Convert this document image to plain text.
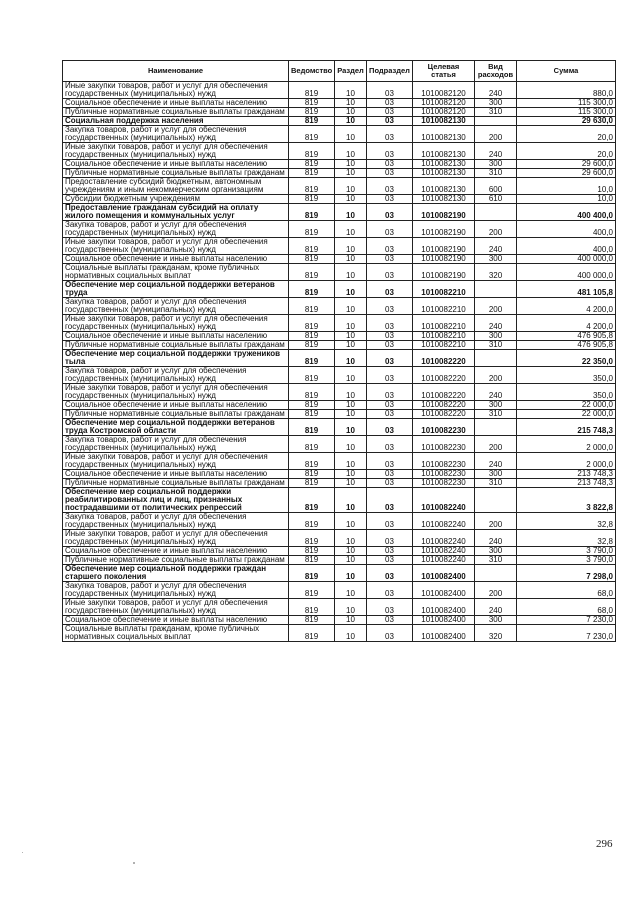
Наименование	Ведомство	Раздел	Подраздел	Целевая статья	Вид расходов	Сумма
Иные закупки товаров, работ и услуг для обеспечения государственных (муниципальных) нужд	819	10	03	1010082120	240	880,0
Социальное обеспечение и иные выплаты населению	819	10	03	1010082120	300	115 300,0
Публичные нормативные социальные выплаты гражданам	819	10	03	1010082120	310	115 300,0
Социальная поддержка населения	819	10	03	1010082130		29 630,0
Закупка товаров, работ и услуг для обеспечения государственных (муниципальных) нужд	819	10	03	1010082130	200	20,0
Иные закупки товаров, работ и услуг для обеспечения государственных (муниципальных) нужд	819	10	03	1010082130	240	20,0
Социальное обеспечение и иные выплаты населению	819	10	03	1010082130	300	29 600,0
Публичные нормативные социальные выплаты гражданам	819	10	03	1010082130	310	29 600,0
Предоставление субсидий бюджетным, автономным учреждениям и иным некоммерческим организациям	819	10	03	1010082130	600	10,0
Субсидии бюджетным учреждениям	819	10	03	1010082130	610	10,0
Предоставление гражданам субсидий на оплату жилого помещения и коммунальных услуг	819	10	03	1010082190		400 400,0
Закупка товаров, работ и услуг для обеспечения государственных (муниципальных) нужд	819	10	03	1010082190	200	400,0
Иные закупки товаров, работ и услуг для обеспечения государственных (муниципальных) нужд	819	10	03	1010082190	240	400,0
Социальное обеспечение и иные выплаты населению	819	10	03	1010082190	300	400 000,0
Социальные выплаты гражданам, кроме публичных нормативных социальных выплат	819	10	03	1010082190	320	400 000,0
Обеспечение мер социальной поддержки ветеранов труда	819	10	03	1010082210		481 105,8
Закупка товаров, работ и услуг для обеспечения государственных (муниципальных) нужд	819	10	03	1010082210	200	4 200,0
Иные закупки товаров, работ и услуг для обеспечения государственных (муниципальных) нужд	819	10	03	1010082210	240	4 200,0
Социальное обеспечение и иные выплаты населению	819	10	03	1010082210	300	476 905,8
Публичные нормативные социальные выплаты гражданам	819	10	03	1010082210	310	476 905,8
Обеспечение мер социальной поддержки тружеников тыла	819	10	03	1010082220		22 350,0
Закупка товаров, работ и услуг для обеспечения государственных (муниципальных) нужд	819	10	03	1010082220	200	350,0
Иные закупки товаров, работ и услуг для обеспечения государственных (муниципальных) нужд	819	10	03	1010082220	240	350,0
Социальное обеспечение и иные выплаты населению	819	10	03	1010082220	300	22 000,0
Публичные нормативные социальные выплаты гражданам	819	10	03	1010082220	310	22 000,0
Обеспечение мер социальной поддержки ветеранов труда Костромской области	819	10	03	1010082230		215 748,3
Закупка товаров, работ и услуг для обеспечения государственных (муниципальных) нужд	819	10	03	1010082230	200	2 000,0
Иные закупки товаров, работ и услуг для обеспечения государственных (муниципальных) нужд	819	10	03	1010082230	240	2 000,0
Социальное обеспечение и иные выплаты населению	819	10	03	1010082230	300	213 748,3
Публичные нормативные социальные выплаты гражданам	819	10	03	1010082230	310	213 748,3
Обеспечение мер социальной поддержки реабилитированных лиц и лиц, признанных пострадавшими от политических репрессий	819	10	03	1010082240		3 822,8
Закупка товаров, работ и услуг для обеспечения государственных (муниципальных) нужд	819	10	03	1010082240	200	32,8
Иные закупки товаров, работ и услуг для обеспечения государственных (муниципальных) нужд	819	10	03	1010082240	240	32,8
Социальное обеспечение и иные выплаты населению	819	10	03	1010082240	300	3 790,0
Публичные нормативные социальные выплаты гражданам	819	10	03	1010082240	310	3 790,0
Обеспечение мер социальной поддержки граждан старшего поколения	819	10	03	1010082400		7 298,0
Закупка товаров, работ и услуг для обеспечения государственных (муниципальных) нужд	819	10	03	1010082400	200	68,0
Иные закупки товаров, работ и услуг для обеспечения государственных (муниципальных) нужд	819	10	03	1010082400	240	68,0
Социальное обеспечение и иные выплаты населению	819	10	03	1010082400	300	7 230,0
Социальные выплаты гражданам, кроме публичных нормативных социальных выплат	819	10	03	1010082400	320	7 230,0
296
